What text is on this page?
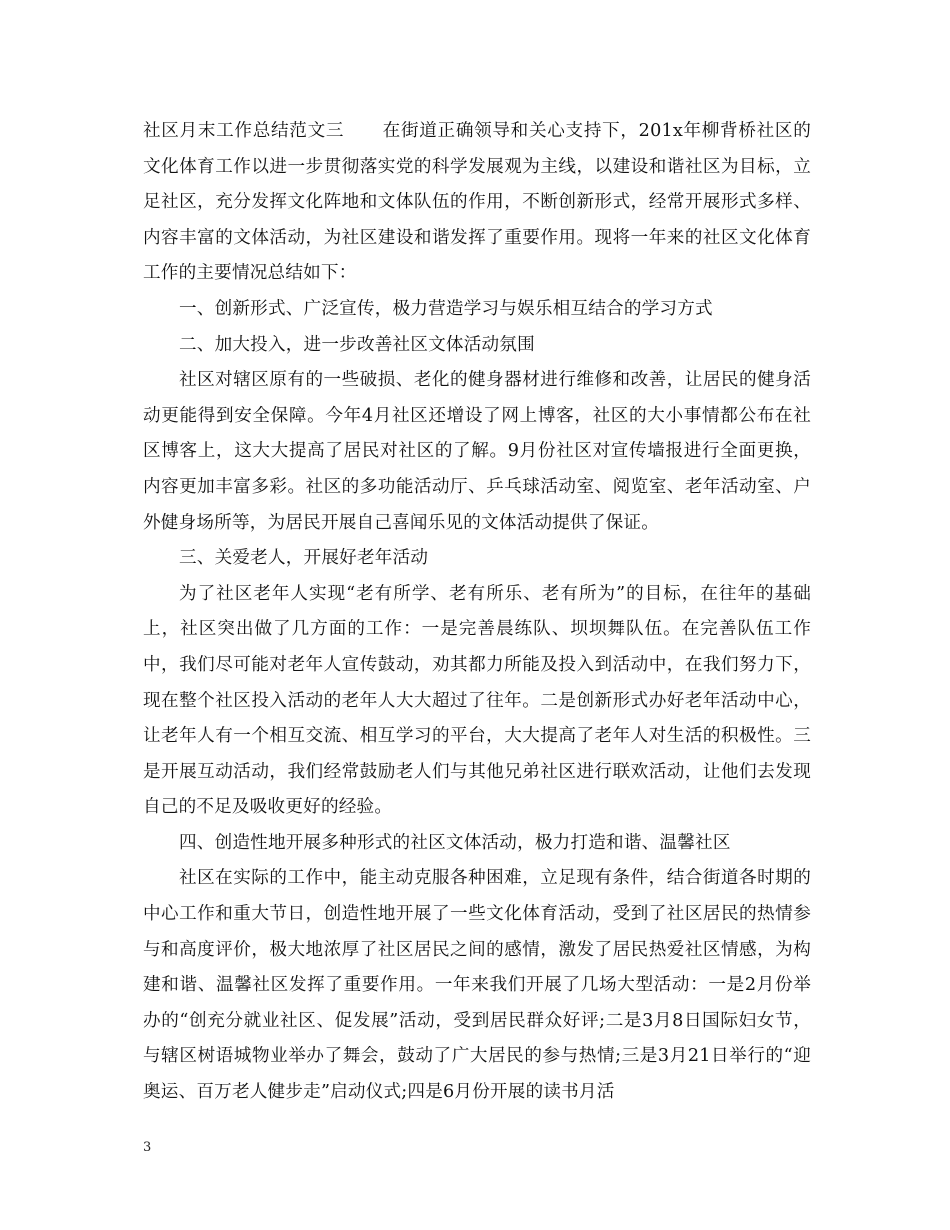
社区月末工作总结范文三 在街道正确领导和关心支持下，201x年柳背桥社区的文化体育工作以进一步贯彻落实党的科学发展观为主线，以建设和谐社区为目标，立足社区，充分发挥文化阵地和文体队伍的作用，不断创新形式，经常开展形式多样、内容丰富的文体活动，为社区建设和谐发挥了重要作用。现将一年来的社区文化体育工作的主要情况总结如下：

一、创新形式、广泛宣传，极力营造学习与娱乐相互结合的学习方式

二、加大投入，进一步改善社区文体活动氛围

社区对辖区原有的一些破损、老化的健身器材进行维修和改善，让居民的健身活动更能得到安全保障。今年4月社区还增设了网上博客，社区的大小事情都公布在社区博客上，这大大提高了居民对社区的了解。9月份社区对宣传墙报进行全面更换，内容更加丰富多彩。社区的多功能活动厅、乒乓球活动室、阅览室、老年活动室、户外健身场所等，为居民开展自己喜闻乐见的文体活动提供了保证。

三、关爱老人，开展好老年活动

为了社区老年人实现“老有所学、老有所乐、老有所为”的目标，在往年的基础上，社区突出做了几方面的工作：一是完善晨练队、坝坝舞队伍。在完善队伍工作中，我们尽可能对老年人宣传鼓动，劝其都力所能及投入到活动中，在我们努力下，现在整个社区投入活动的老年人大大超过了往年。二是创新形式办好老年活动中心，让老年人有一个相互交流、相互学习的平台，大大提高了老年人对生活的积极性。三是开展互动活动，我们经常鼓励老人们与其他兄弟社区进行联欢活动，让他们去发现自己的不足及吸收更好的经验。

四、创造性地开展多种形式的社区文体活动，极力打造和谐、温馨社区

社区在实际的工作中，能主动克服各种困难，立足现有条件，结合街道各时期的中心工作和重大节日，创造性地开展了一些文化体育活动，受到了社区居民的热情参与和高度评价，极大地浓厚了社区居民之间的感情，激发了居民热爱社区情感，为构建和谐、温馨社区发挥了重要作用。一年来我们开展了几场大型活动：一是2月份举办的“创充分就业社区、促发展”活动，受到居民群众好评;二是3月8日国际妇女节，与辖区树语城物业举办了舞会，鼓动了广大居民的参与热情;三是3月21日举行的“迎奥运、百万老人健步走”启动仪式;四是6月份开展的读书月活

3
